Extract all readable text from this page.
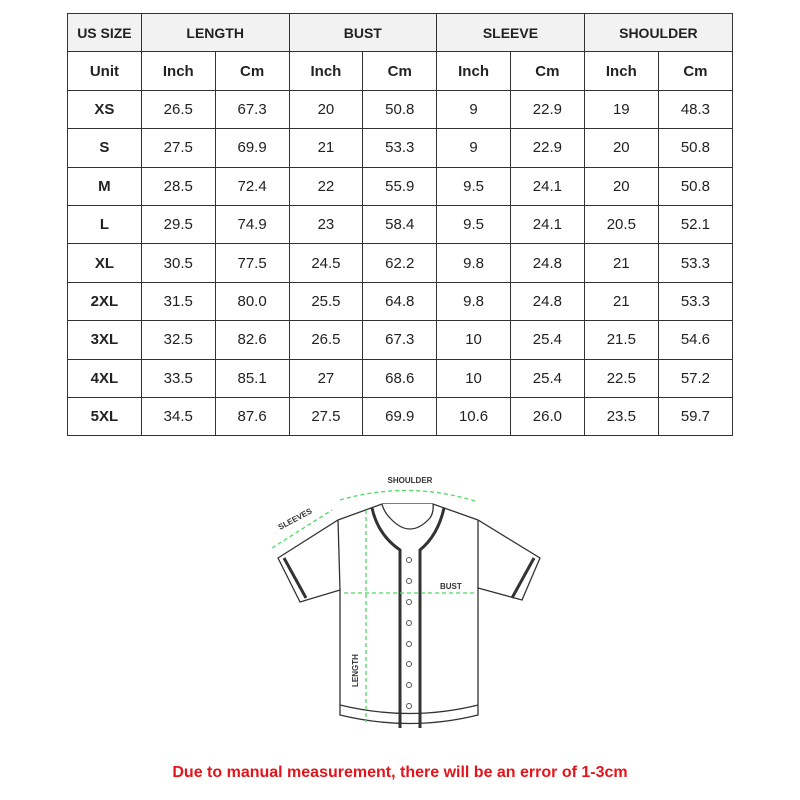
US SIZE	LENGTH		BUST		SLEEVE		SHOULDER	
Unit	Inch	Cm	Inch	Cm	Inch	Cm	Inch	Cm
XS	26.5	67.3	20	50.8	9	22.9	19	48.3
S	27.5	69.9	21	53.3	9	22.9	20	50.8
M	28.5	72.4	22	55.9	9.5	24.1	20	50.8
L	29.5	74.9	23	58.4	9.5	24.1	20.5	52.1
XL	30.5	77.5	24.5	62.2	9.8	24.8	21	53.3
2XL	31.5	80.0	25.5	64.8	9.8	24.8	21	53.3
3XL	32.5	82.6	26.5	67.3	10	25.4	21.5	54.6
4XL	33.5	85.1	27	68.6	10	25.4	22.5	57.2
5XL	34.5	87.6	27.5	69.9	10.6	26.0	23.5	59.7
SHOULDER
SLEEVES
BUST
LENGTH
Due to manual measurement, there will be an error of 1-3cm
